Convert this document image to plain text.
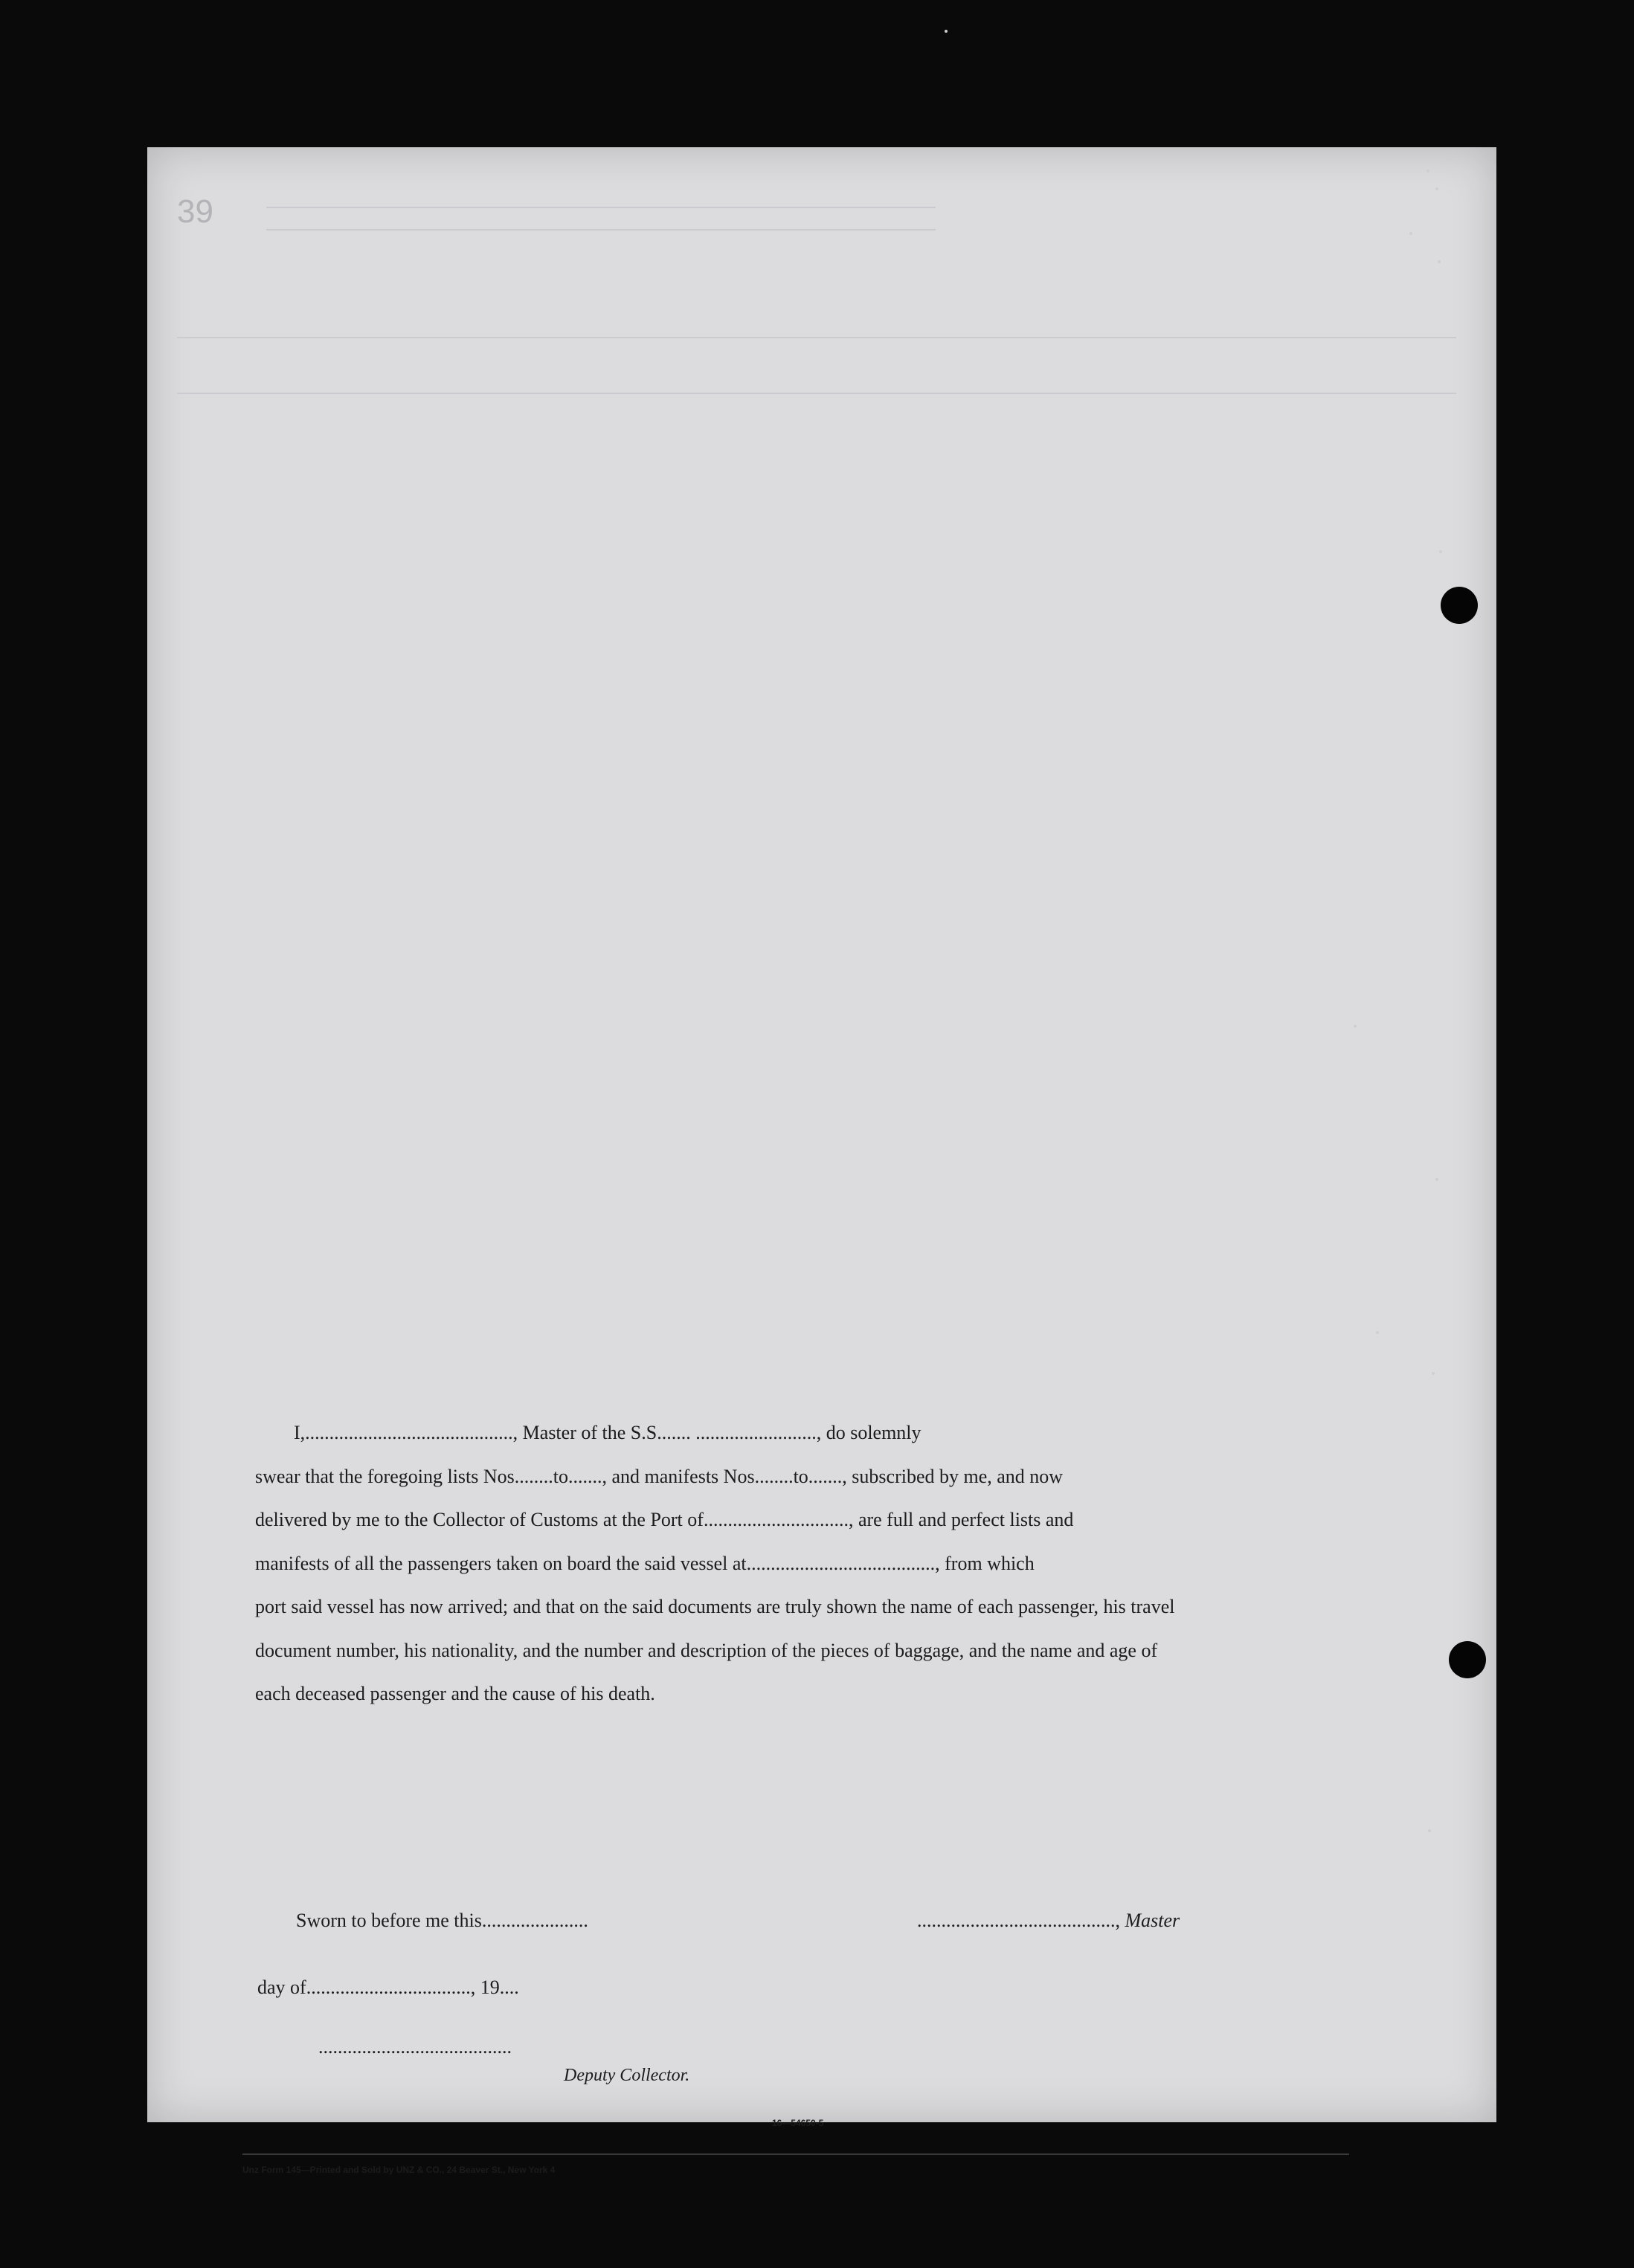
39
I,..........................................., Master of the S.S....... ........................., do solemnly
swear that the foregoing lists Nos........to......., and manifests Nos........to......., subscribed by me, and now
delivered by me to the Collector of Customs at the Port of.............................., are full and perfect lists and
manifests of all the passengers taken on board the said vessel at......................................., from which
port said vessel has now arrived; and that on the said documents are truly shown the name of each passenger, his travel
document number, his nationality, and the number and description of the pieces of baggage, and the name and age of
each deceased passenger and the cause of his death.
Sworn to before me this......................	........................................., Master
day of.................................., 19....
........................................
Deputy Collector.
16—54650-5
Unz Form 145—Printed and Sold by UNZ & CO., 24 Beaver St., New York 4
